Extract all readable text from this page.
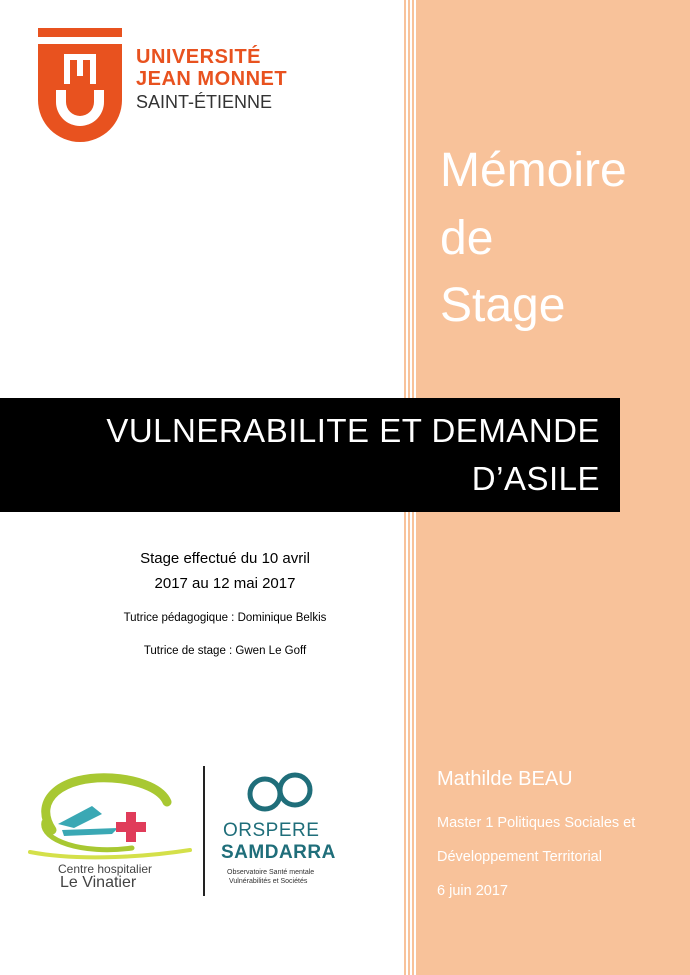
UNIVERSITÉ
JEAN MONNET
SAINT-ÉTIENNE
Mémoire
de
Stage
VULNERABILITE ET DEMANDE
D’ASILE
Stage effectué du 10 avril
2017 au 12 mai 2017
Tutrice pédagogique : Dominique Belkis
Tutrice de stage : Gwen Le Goff
Centre hospitalier
Le Vinatier
ORSPERE
SAMDARRA
Observatoire Santé mentale
Vulnérabilités et Sociétés
Mathilde BEAU
Master 1 Politiques Sociales et
Développement Territorial
6 juin 2017
